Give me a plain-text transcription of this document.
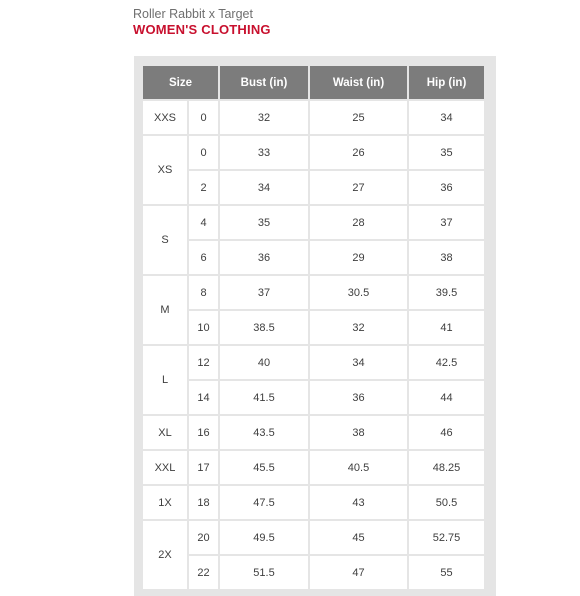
Roller Rabbit x Target
WOMEN'S CLOTHING
Size		Bust (in)	Waist (in)	Hip (in)
XXS	0	32	25	34
XS	0	33	26	35
	2	34	27	36
S	4	35	28	37
	6	36	29	38
M	8	37	30.5	39.5
	10	38.5	32	41
L	12	40	34	42.5
	14	41.5	36	44
XL	16	43.5	38	46
XXL	17	45.5	40.5	48.25
1X	18	47.5	43	50.5
2X	20	49.5	45	52.75
	22	51.5	47	55
